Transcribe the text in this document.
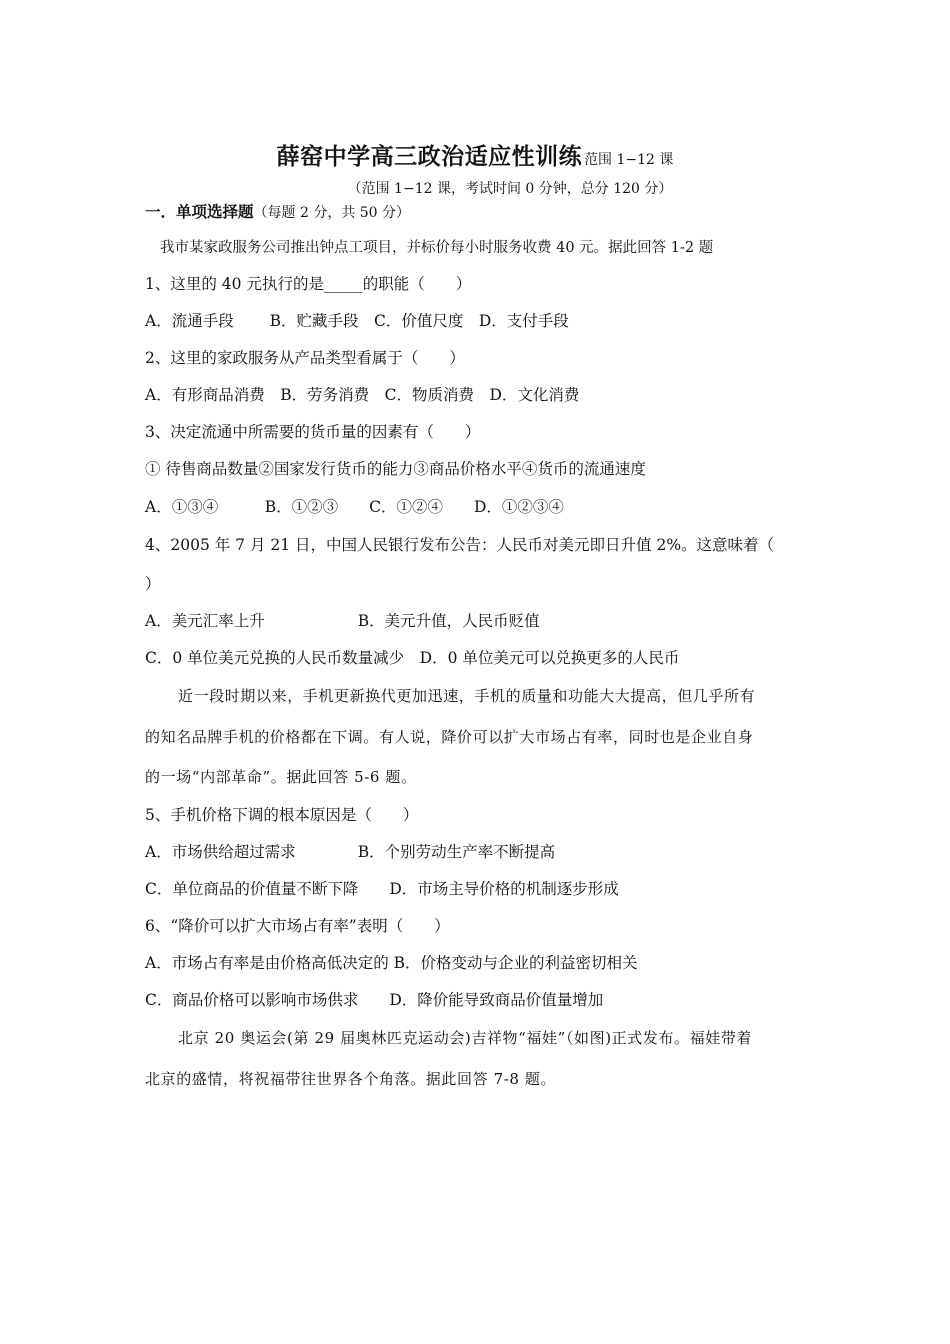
薛窑中学高三政治适应性训练 范围 1−12 课
（范围 1−12 课，考试时间 0 分钟，总分 120 分）
一．单项选择题（每题 2 分，共 50 分）
我市某家政服务公司推出钟点工项目，并标价每小时服务收费 40 元。据此回答 1-2 题
1、这里的 40 元执行的是_____的职能（　　）
A．流通手段　　 B．贮藏手段　C．价值尺度　D．支付手段
2、这里的家政服务从产品类型看属于（　　）
A．有形商品消费　B．劳务消费　C．物质消费　D．文化消费
3、决定流通中所需要的货币量的因素有（　　）
① 待售商品数量②国家发行货币的能力③商品价格水平④货币的流通速度
A．①③④　　　B．①②③　　C．①②④　　D．①②③④
4、2005 年 7 月 21 日，中国人民银行发布公告：人民币对美元即日升值 2%。这意味着（
）
A．美元汇率上升　　　　　　B．美元升值，人民币贬值
C．0 单位美元兑换的人民币数量减少　D．0 单位美元可以兑换更多的人民币
近一段时期以来，手机更新换代更加迅速，手机的质量和功能大大提高，但几乎所有
的知名品牌手机的价格都在下调。有人说，降价可以扩大市场占有率，同时也是企业自身
的一场“内部革命”。据此回答 5-6 题。
5、手机价格下调的根本原因是（　　）
A．市场供给超过需求　　　　B．个别劳动生产率不断提高
C．单位商品的价值量不断下降　　D．市场主导价格的机制逐步形成
6、“降价可以扩大市场占有率”表明（　　）
A．市场占有率是由价格高低决定的 B．价格变动与企业的利益密切相关
C．商品价格可以影响市场供求　　D．降价能导致商品价值量增加
北京 20 奥运会(第 29 届奥林匹克运动会)吉祥物“福娃”（如图)正式发布。福娃带着
北京的盛情，将祝福带往世界各个角落。据此回答 7-8 题。
